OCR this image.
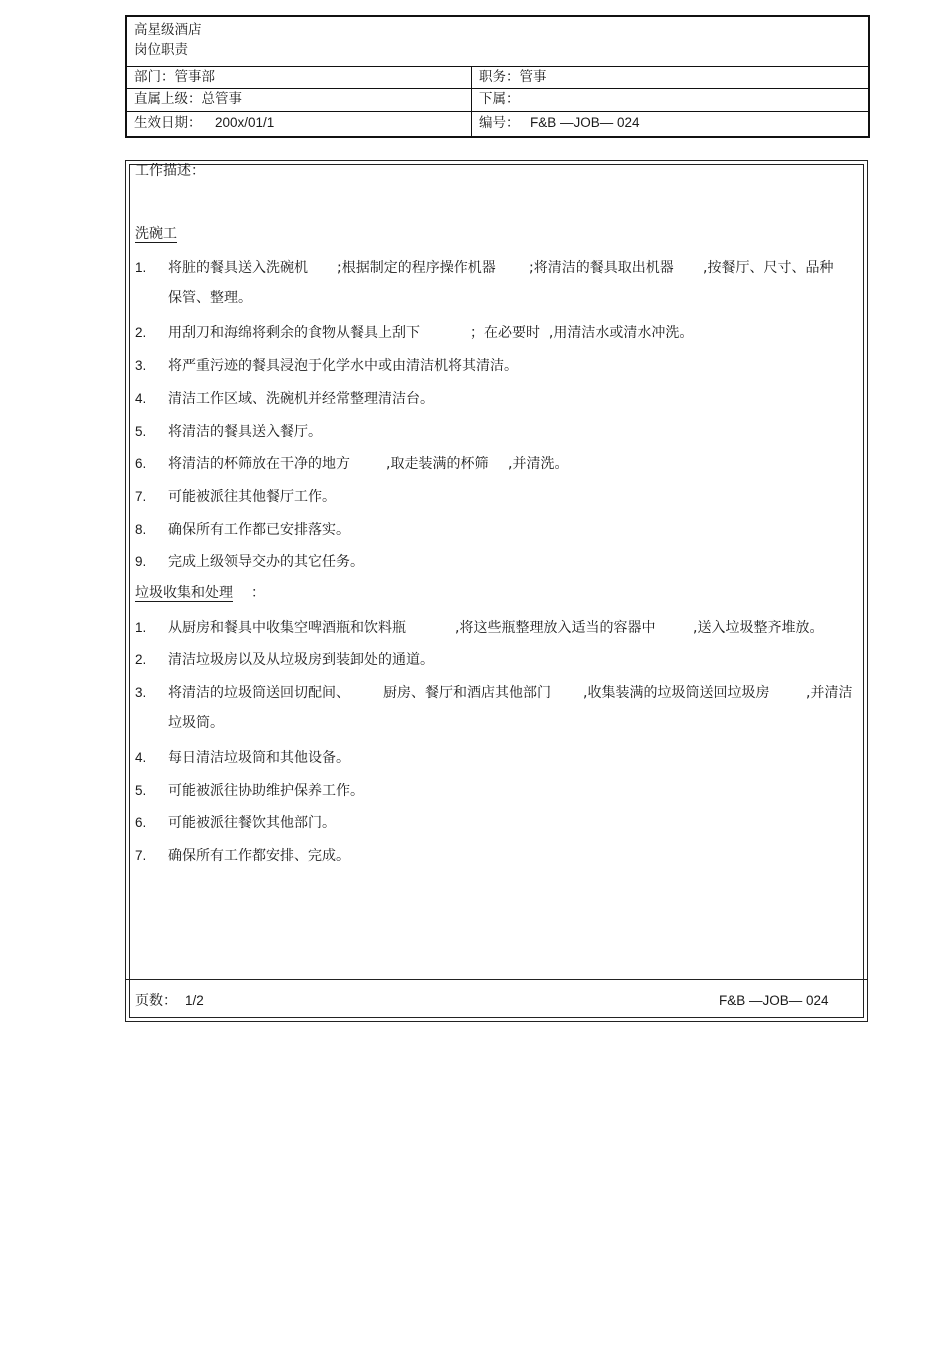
高星级酒店
岗位职责
部门：管事部	职务：管事
直属上级：总管事	下属：
生效日期： 200x/01/1	编号： F&B —JOB— 024
工作描述：
洗碗工
1. 将脏的餐具送入洗碗机 ;根据制定的程序操作机器 ;将清洁的餐具取出机器 ,按餐厅、尺寸、品种
保管、整理。
2. 用刮刀和海绵将剩余的食物从餐具上刮下	；在必要时  ,用清洁水或清水冲洗。
3. 将严重污迹的餐具浸泡于化学水中或由清洁机将其清洁。
4. 清洁工作区域、洗碗机并经常整理清洁台。
5. 将清洁的餐具送入餐厅。
6. 将清洁的杯筛放在干净的地方	,取走装满的杯筛 ,并清洗。
7. 可能被派往其他餐厅工作。
8. 确保所有工作都已安排落实。
9. 完成上级领导交办的其它任务。
垃圾收集和处理	：
1. 从厨房和餐具中收集空啤酒瓶和饮料瓶	,将这些瓶整理放入适当的容器中	,送入垃圾整齐堆放。
2. 清洁垃圾房以及从垃圾房到装卸处的通道。
3. 将清洁的垃圾筒送回切配间、 厨房、餐厅和酒店其他部门 ,收集装满的垃圾筒送回垃圾房	,并清洁
垃圾筒。
4. 每日清洁垃圾筒和其他设备。
5. 可能被派往协助维护保养工作。
6. 可能被派往餐饮其他部门。
7. 确保所有工作都安排、完成。
页数： 1/2	F&B —JOB— 024
